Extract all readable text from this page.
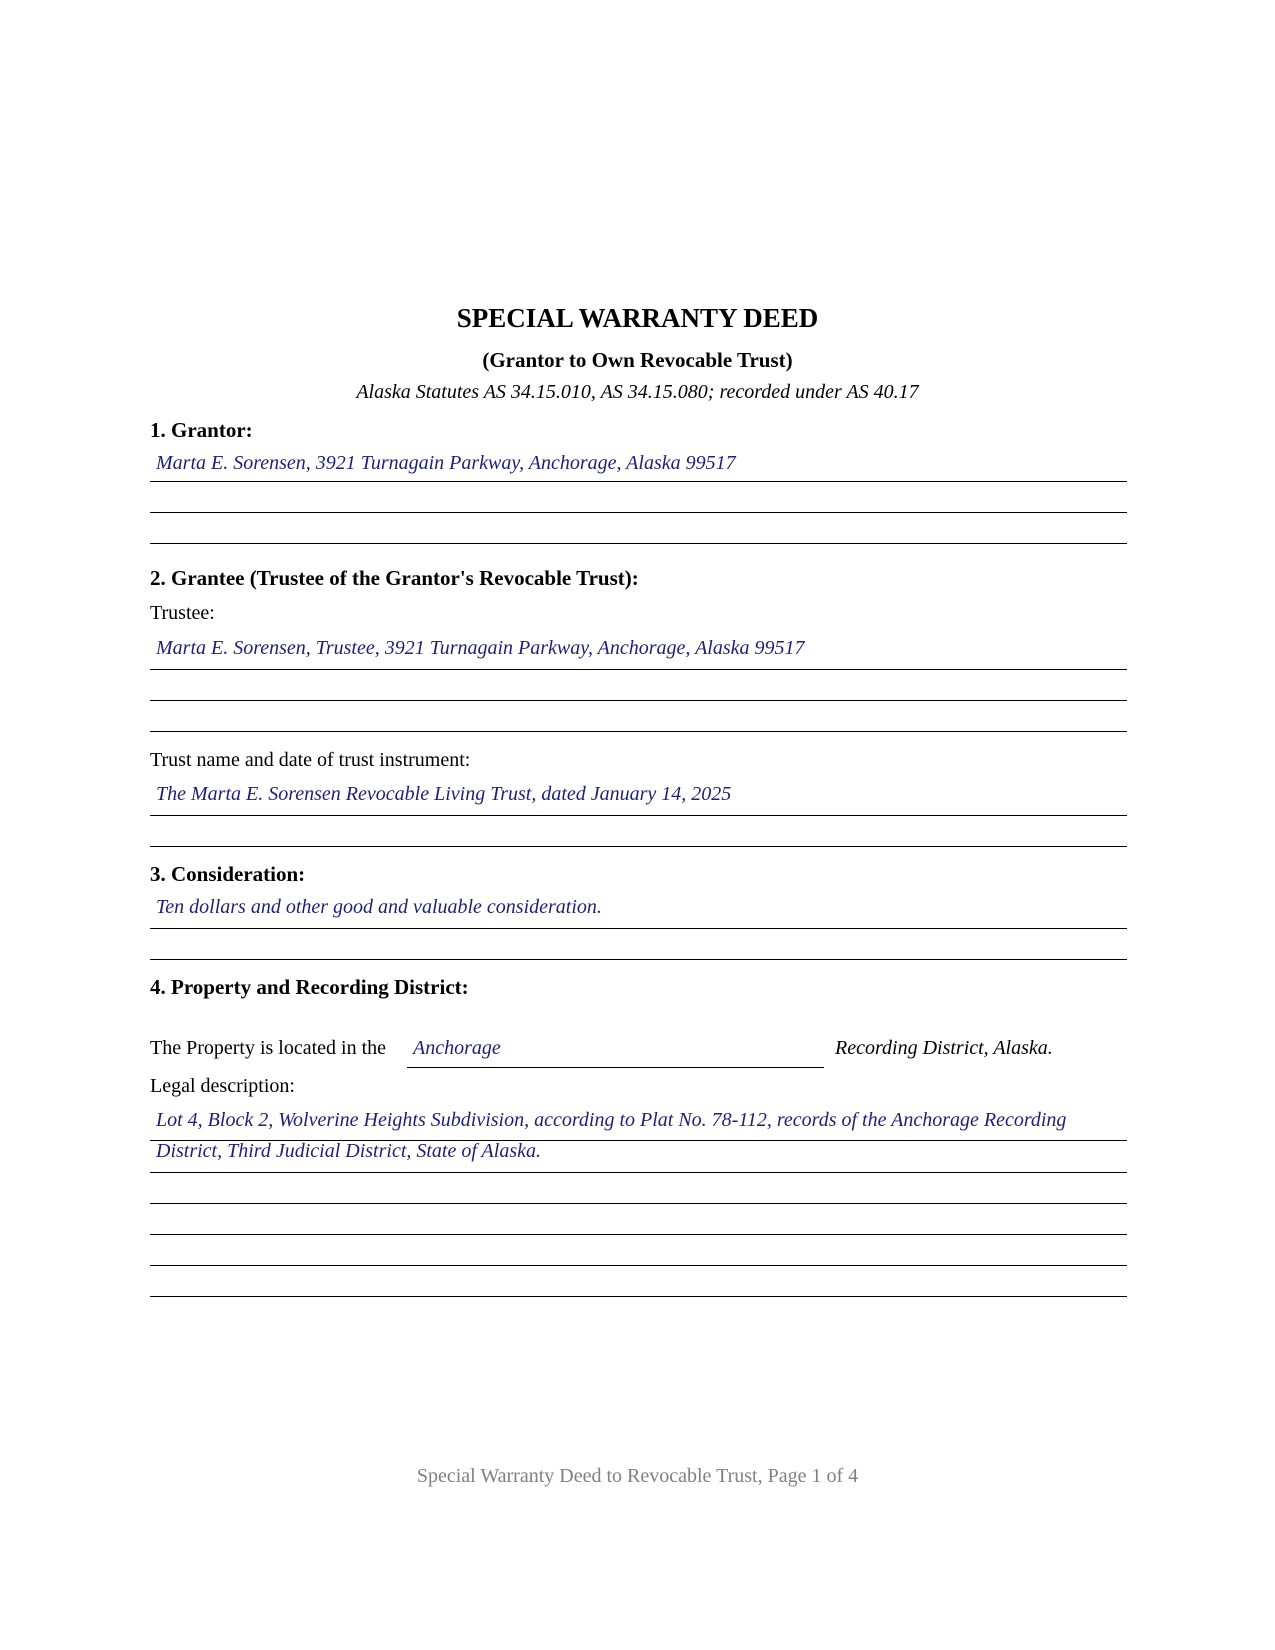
SPECIAL WARRANTY DEED
(Grantor to Own Revocable Trust)
Alaska Statutes AS 34.15.010, AS 34.15.080; recorded under AS 40.17
1. Grantor:
Marta E. Sorensen, 3921 Turnagain Parkway, Anchorage, Alaska 99517
2. Grantee (Trustee of the Grantor's Revocable Trust):
Trustee:
Marta E. Sorensen, Trustee, 3921 Turnagain Parkway, Anchorage, Alaska 99517
Trust name and date of trust instrument:
The Marta E. Sorensen Revocable Living Trust, dated January 14, 2025
3. Consideration:
Ten dollars and other good and valuable consideration.
4. Property and Recording District:
The Property is located in the Anchorage	Recording District, Alaska.
Legal description:
Lot 4, Block 2, Wolverine Heights Subdivision, according to Plat No. 78-112, records of the Anchorage Recording
District, Third Judicial District, State of Alaska.
Special Warranty Deed to Revocable Trust, Page 1 of 4
